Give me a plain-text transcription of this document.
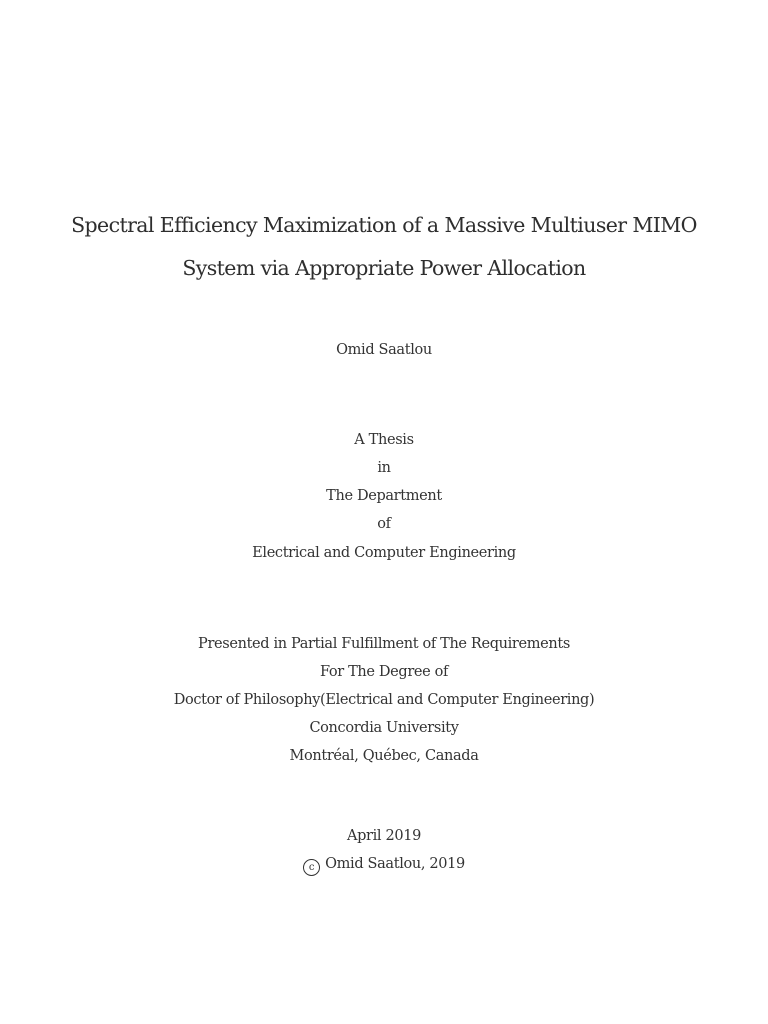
Spectral Efficiency Maximization of a Massive Multiuser MIMO
System via Appropriate Power Allocation
Omid Saatlou
A Thesis
in
The Department
of
Electrical and Computer Engineering
Presented in Partial Fulfillment of The Requirements
For The Degree of
Doctor of Philosophy(Electrical and Computer Engineering)
Concordia University
Montréal, Québec, Canada
April 2019
c Omid Saatlou, 2019
